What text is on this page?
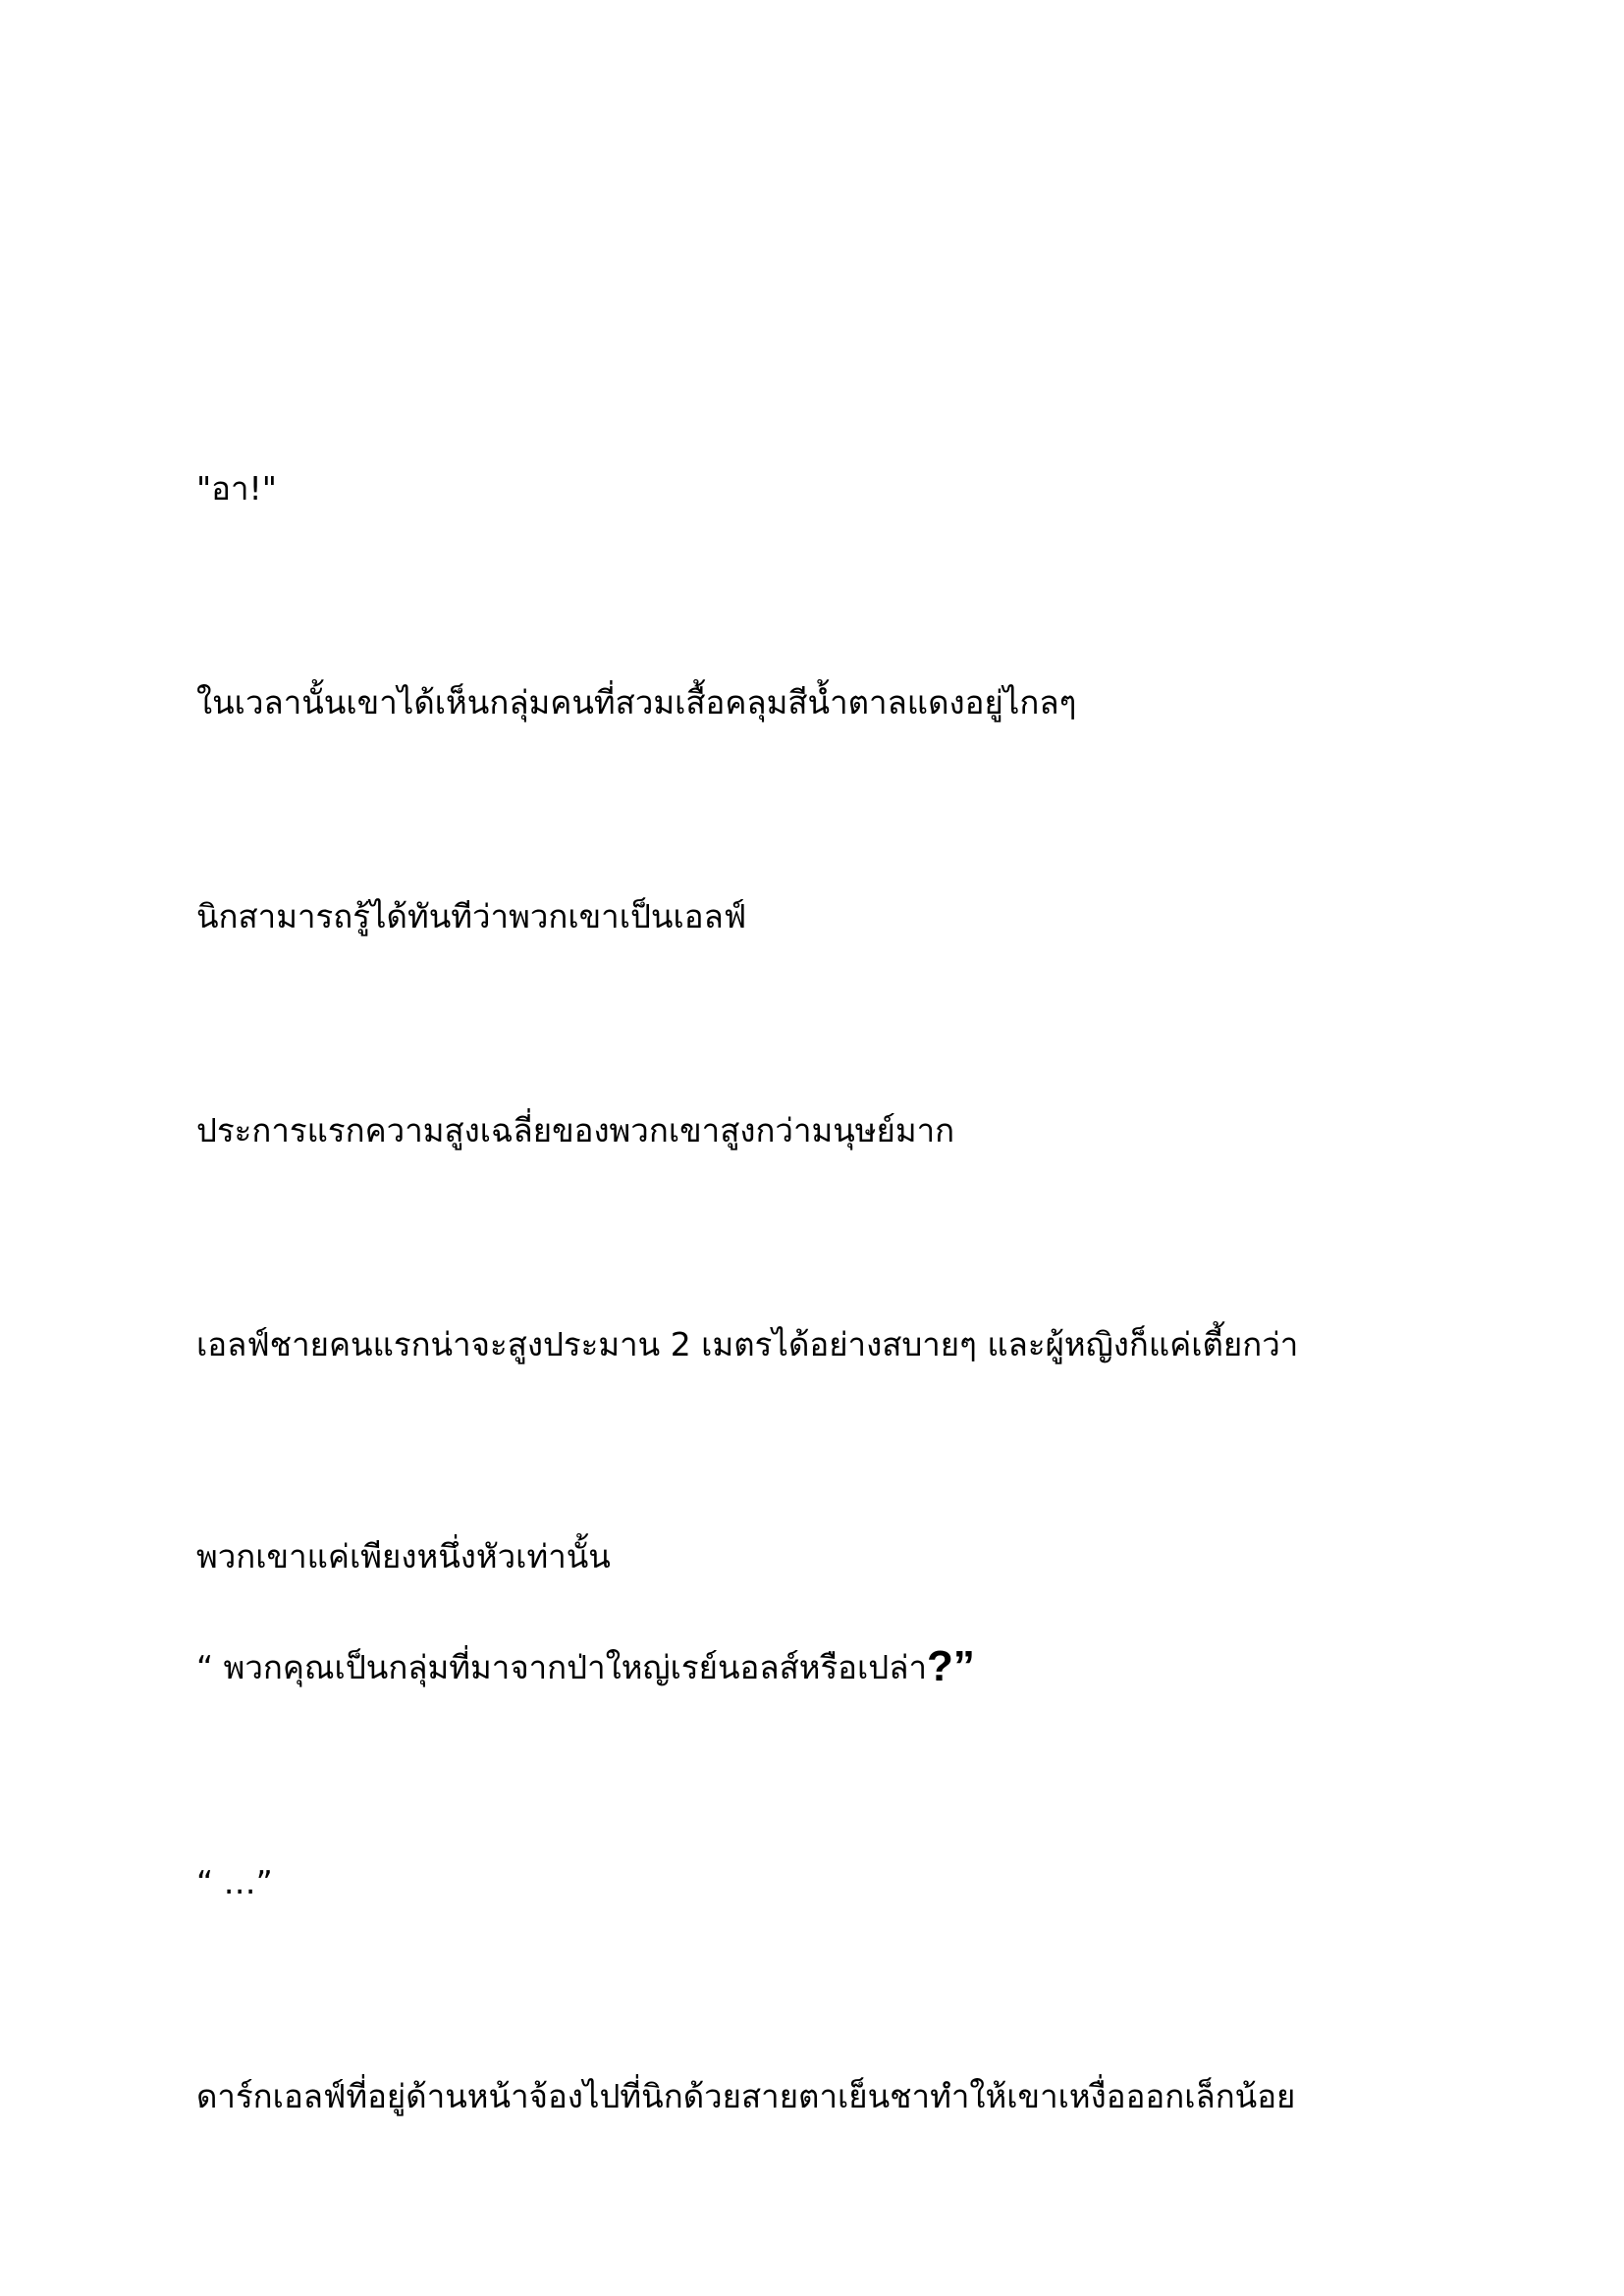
"อา!"

ในเวลานั้นเขาได้เห็นกลุ่มคนที่สวมเสื้อคลุมสีน้ำตาลแดงอยู่ไกลๆ

นิกสามารถรู้ได้ทันทีว่าพวกเขาเป็นเอลฟ์

ประการแรกความสูงเฉลี่ยของพวกเขาสูงกว่ามนุษย์มาก

เอลฟ์ชายคนแรกน่าจะสูงประมาน 2 เมตรได้อย่างสบายๆ และผู้หญิงก็แค่เตี้ยกว่า

พวกเขาแค่เพียงหนึ่งหัวเท่านั้น

“ พวกคุณเป็นกลุ่มที่มาจากป่าใหญ่เรย์นอลส์หรือเปล่า?”

“ …”

ดาร์กเอลฟ์ที่อยู่ด้านหน้าจ้องไปที่นิกด้วยสายตาเย็นชาทำให้เขาเหงื่อออกเล็กน้อย
